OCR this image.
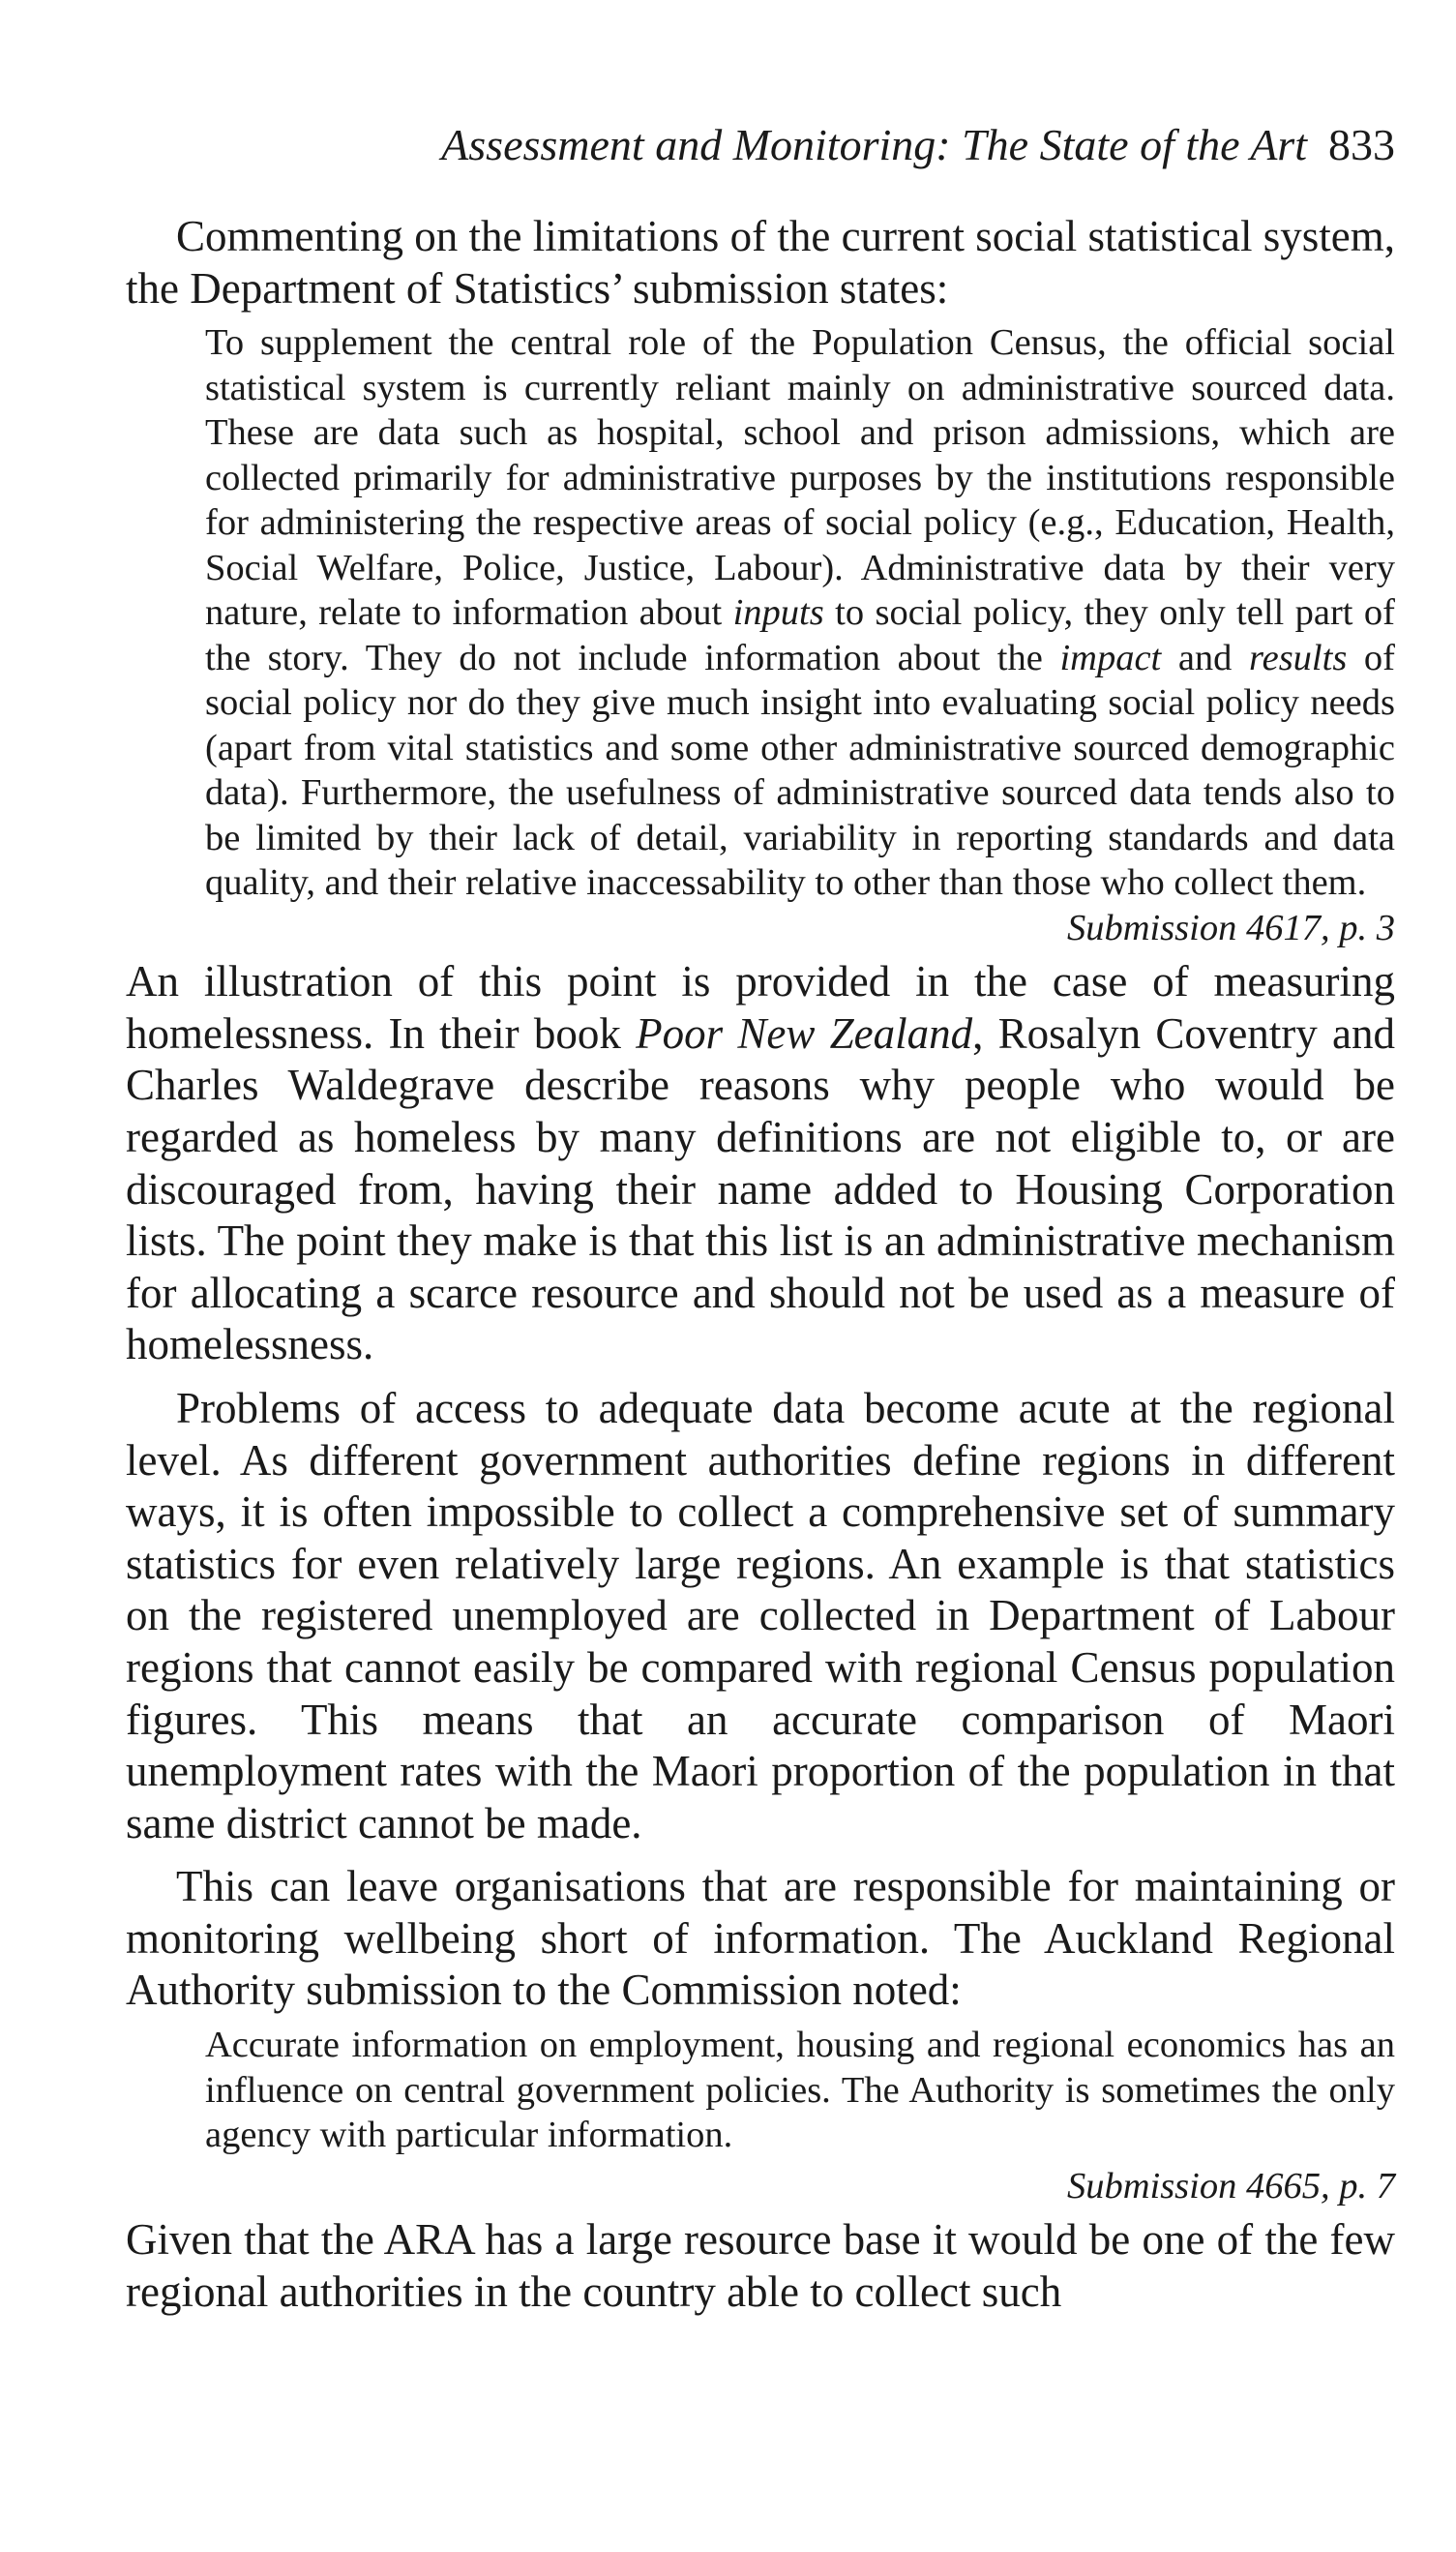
Assessment and Monitoring: The State of the Art 833

Commenting on the limitations of the current social statistical system, the Department of Statistics’ submission states:

To supplement the central role of the Population Census, the official social statistical system is currently reliant mainly on administrative sourced data. These are data such as hospital, school and prison admissions, which are collected primarily for administrative purposes by the institutions responsible for administering the respective areas of social policy (e.g., Education, Health, Social Welfare, Police, Justice, Labour). Administrative data by their very nature, relate to information about inputs to social policy, they only tell part of the story. They do not include information about the impact and results of social policy nor do they give much insight into evaluating social policy needs (apart from vital statistics and some other administrative sourced demographic data). Furthermore, the usefulness of administrative sourced data tends also to be limited by their lack of detail, variability in reporting standards and data quality, and their relative inaccessability to other than those who collect them.
Submission 4617, p. 3

An illustration of this point is provided in the case of measuring homelessness. In their book Poor New Zealand, Rosalyn Coventry and Charles Waldegrave describe reasons why people who would be regarded as homeless by many definitions are not eligible to, or are discouraged from, having their name added to Housing Corporation lists. The point they make is that this list is an administrative mechanism for allocating a scarce resource and should not be used as a measure of homelessness.

Problems of access to adequate data become acute at the regional level. As different government authorities define regions in different ways, it is often impossible to collect a comprehensive set of summary statistics for even relatively large regions. An example is that statistics on the registered unemployed are collected in Department of Labour regions that cannot easily be compared with regional Census population figures. This means that an accurate comparison of Maori unemployment rates with the Maori proportion of the population in that same district cannot be made.

This can leave organisations that are responsible for maintaining or monitoring wellbeing short of information. The Auckland Regional Authority submission to the Commission noted:

Accurate information on employment, housing and regional economics has an influence on central government policies. The Authority is sometimes the only agency with particular information.
Submission 4665, p. 7

Given that the ARA has a large resource base it would be one of the few regional authorities in the country able to collect such
